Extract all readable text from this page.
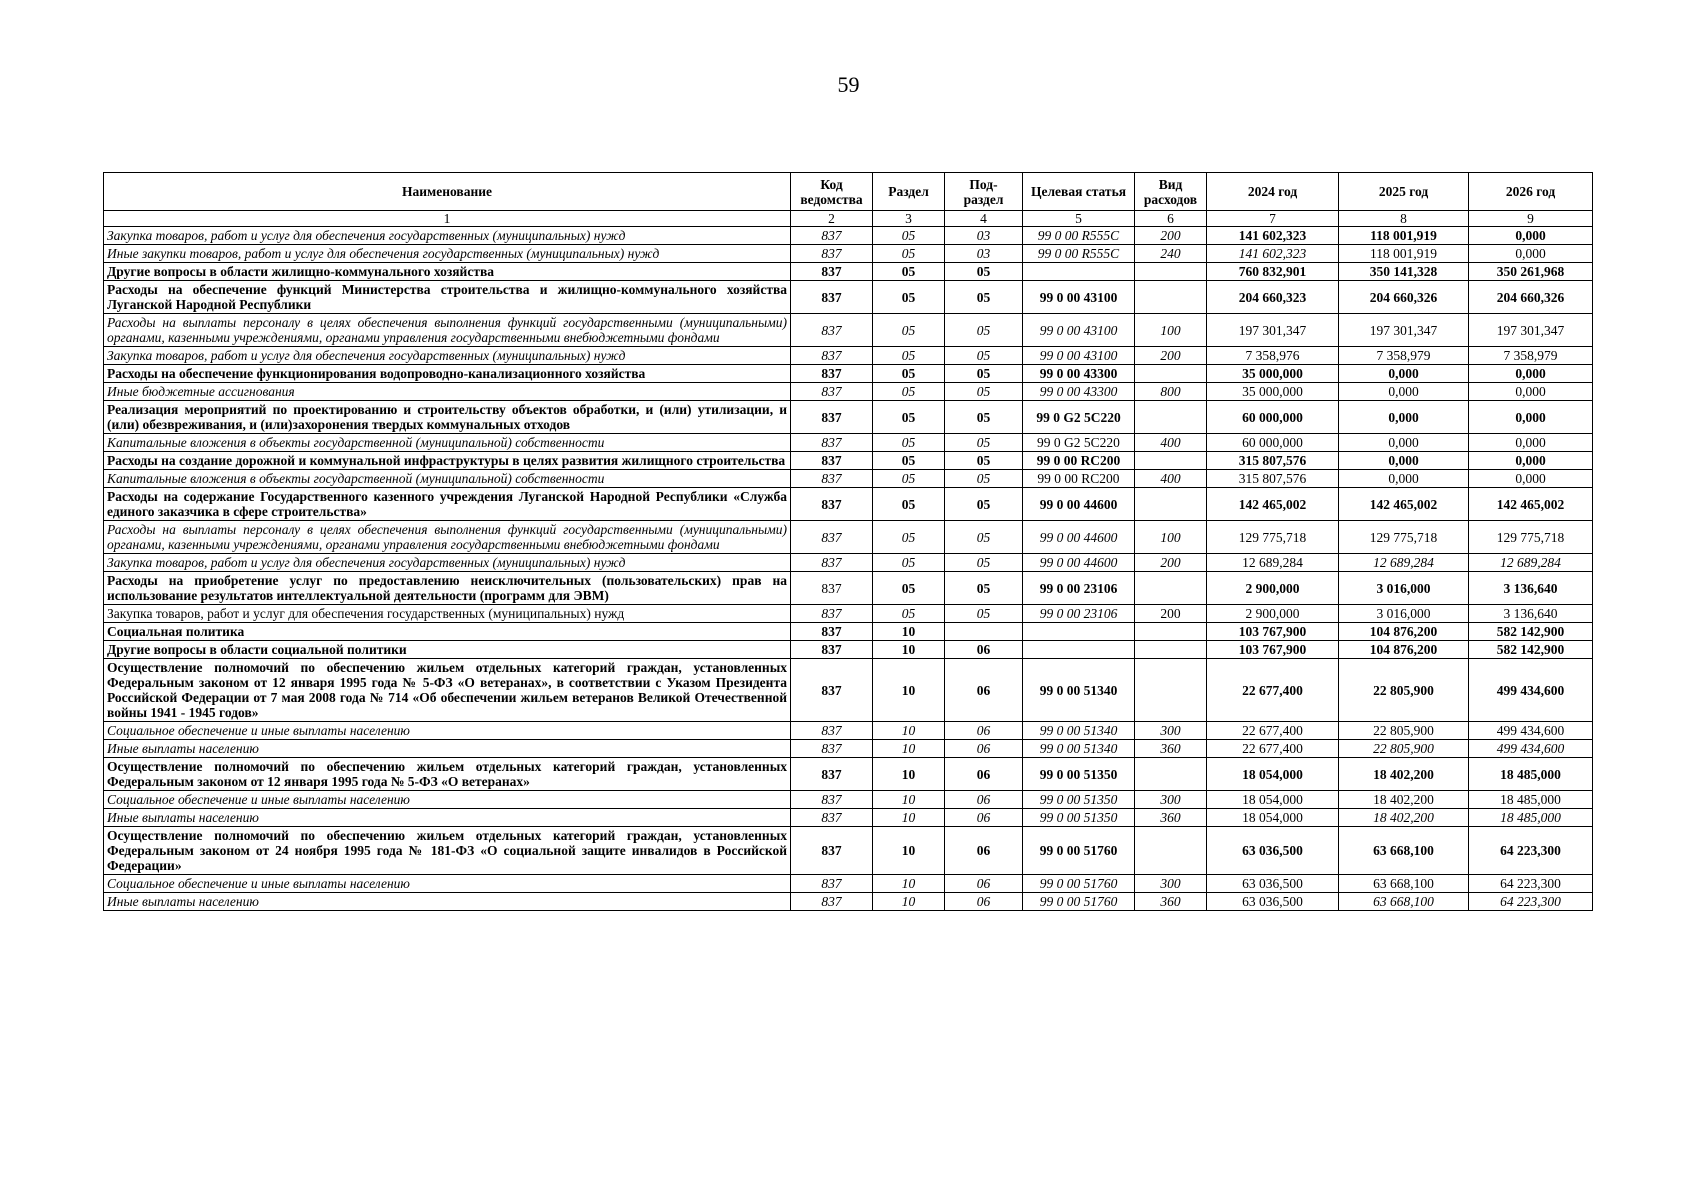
59
Наименование	Код ведомства	Раздел	Под- раздел	Целевая статья	Вид расходов	2024 год	2025 год	2026 год
1	2	3	4	5	6	7	8	9
Закупка товаров, работ и услуг для обеспечения государственных (муниципальных) нужд	837	05	03	99 0 00 R555C	200	141 602,323	118 001,919	0,000
Иные закупки товаров, работ и услуг для обеспечения государственных (муниципальных) нужд	837	05	03	99 0 00 R555C	240	141 602,323	118 001,919	0,000
Другие вопросы в области жилищно-коммунального хозяйства	837	05	05			760 832,901	350 141,328	350 261,968
Расходы на обеспечение функций Министерства строительства и жилищно-коммунального хозяйства Луганской Народной Республики	837	05	05	99 0 00 43100		204 660,323	204 660,326	204 660,326
Расходы на выплаты персоналу в целях обеспечения выполнения функций государственными (муниципальными) органами, казенными учреждениями, органами управления государственными внебюджетными фондами	837	05	05	99 0 00 43100	100	197 301,347	197 301,347	197 301,347
Закупка товаров, работ и услуг для обеспечения государственных (муниципальных) нужд	837	05	05	99 0 00 43100	200	7 358,976	7 358,979	7 358,979
Расходы на обеспечение функционирования водопроводно-канализационного хозяйства	837	05	05	99 0 00 43300		35 000,000	0,000	0,000
Иные бюджетные ассигнования	837	05	05	99 0 00 43300	800	35 000,000	0,000	0,000
Реализация мероприятий по проектированию и строительству объектов обработки, и (или) утилизации, и (или) обезвреживания, и (или)захоронения твердых коммунальных отходов	837	05	05	99 0 G2 5C220		60 000,000	0,000	0,000
Капитальные вложения в объекты государственной (муниципальной) собственности	837	05	05	99 0 G2 5C220	400	60 000,000	0,000	0,000
Расходы на создание дорожной и коммунальной инфраструктуры в целях развития жилищного строительства	837	05	05	99 0 00 RC200		315 807,576	0,000	0,000
Капитальные вложения в объекты государственной (муниципальной) собственности	837	05	05	99 0 00 RC200	400	315 807,576	0,000	0,000
Расходы на содержание Государственного казенного учреждения Луганской Народной Республики «Служба единого заказчика в сфере строительства»	837	05	05	99 0 00 44600		142 465,002	142 465,002	142 465,002
Расходы на выплаты персоналу в целях обеспечения выполнения функций государственными (муниципальными) органами, казенными учреждениями, органами управления государственными внебюджетными фондами	837	05	05	99 0 00 44600	100	129 775,718	129 775,718	129 775,718
Закупка товаров, работ и услуг для обеспечения государственных (муниципальных) нужд	837	05	05	99 0 00 44600	200	12 689,284	12 689,284	12 689,284
Расходы на приобретение услуг по предоставлению неисключительных (пользовательских) прав на использование результатов интеллектуальной деятельности (программ для ЭВМ)	837	05	05	99 0 00 23106		2 900,000	3 016,000	3 136,640
Закупка товаров, работ и услуг для обеспечения государственных (муниципальных) нужд	837	05	05	99 0 00 23106	200	2 900,000	3 016,000	3 136,640
Социальная политика	837	10				103 767,900	104 876,200	582 142,900
Другие вопросы в области социальной политики	837	10	06			103 767,900	104 876,200	582 142,900
Осуществление полномочий по обеспечению жильем отдельных категорий граждан, установленных Федеральным законом от 12 января 1995 года № 5-ФЗ «О ветеранах», в соответствии с Указом Президента Российской Федерации от 7 мая 2008 года № 714 «Об обеспечении жильем ветеранов Великой Отечественной войны 1941 - 1945 годов»	837	10	06	99 0 00 51340		22 677,400	22 805,900	499 434,600
Социальное обеспечение и иные выплаты населению	837	10	06	99 0 00 51340	300	22 677,400	22 805,900	499 434,600
Иные выплаты населению	837	10	06	99 0 00 51340	360	22 677,400	22 805,900	499 434,600
Осуществление полномочий по обеспечению жильем отдельных категорий граждан, установленных Федеральным законом от 12 января 1995 года № 5-ФЗ «О ветеранах»	837	10	06	99 0 00 51350		18 054,000	18 402,200	18 485,000
Социальное обеспечение и иные выплаты населению	837	10	06	99 0 00 51350	300	18 054,000	18 402,200	18 485,000
Иные выплаты населению	837	10	06	99 0 00 51350	360	18 054,000	18 402,200	18 485,000
Осуществление полномочий по обеспечению жильем отдельных категорий граждан, установленных Федеральным законом от 24 ноября 1995 года № 181-ФЗ «О социальной защите инвалидов в Российской Федерации»	837	10	06	99 0 00 51760		63 036,500	63 668,100	64 223,300
Социальное обеспечение и иные выплаты населению	837	10	06	99 0 00 51760	300	63 036,500	63 668,100	64 223,300
Иные выплаты населению	837	10	06	99 0 00 51760	360	63 036,500	63 668,100	64 223,300
